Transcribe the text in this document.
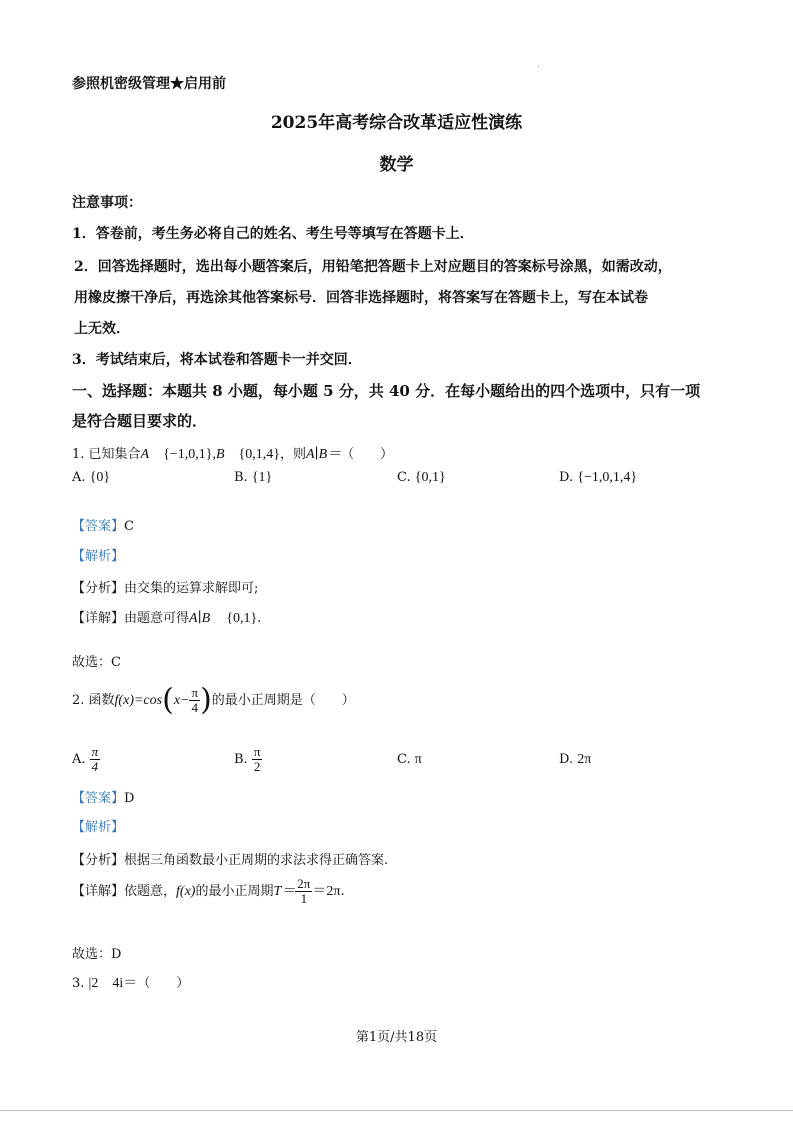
参照机密级管理★启用前
2025年高考综合改革适应性演练
数学
注意事项：
1．答卷前，考生务必将自己的姓名、考生号等填写在答题卡上．
2．回答选择题时，选出每小题答案后，用铅笔把答题卡上对应题目的答案标号涂黑，如需改动，
用橡皮擦干净后，再选涂其他答案标号．回答非选择题时，将答案写在答题卡上，写在本试卷
上无效．
3．考试结束后，将本试卷和答题卡一并交回．
一、选择题：本题共 8 小题，每小题 5 分，共 40 分．在每小题给出的四个选项中，只有一项
是符合题目要求的．
1. 已知集合A {−1,0,1},B {0,1,4}，则A∣B＝（　　）
A. {0}	B. {1}	C. {0,1}	D. {−1,0,1,4}
【答案】C
【解析】
【分析】由交集的运算求解即可;
【详解】由题意可得A∣B {0,1}.
故选：C
2. 函数$f(x)=\cos(x- \frac{\pi}{4}$ )的最小正周期是（　　）
A. $\frac{\pi}{4}$	B. $\frac{\pi}{2}$	C. π	D. 2π
【答案】D
【解析】
【分析】根据三角函数最小正周期的求法求得正确答案.
【详解】依题意，f(x)的最小正周期$T= \frac{2\pi}{1} =2\pi$.
故选：D
3. |2　4i＝（　　）
第1页/共18页
